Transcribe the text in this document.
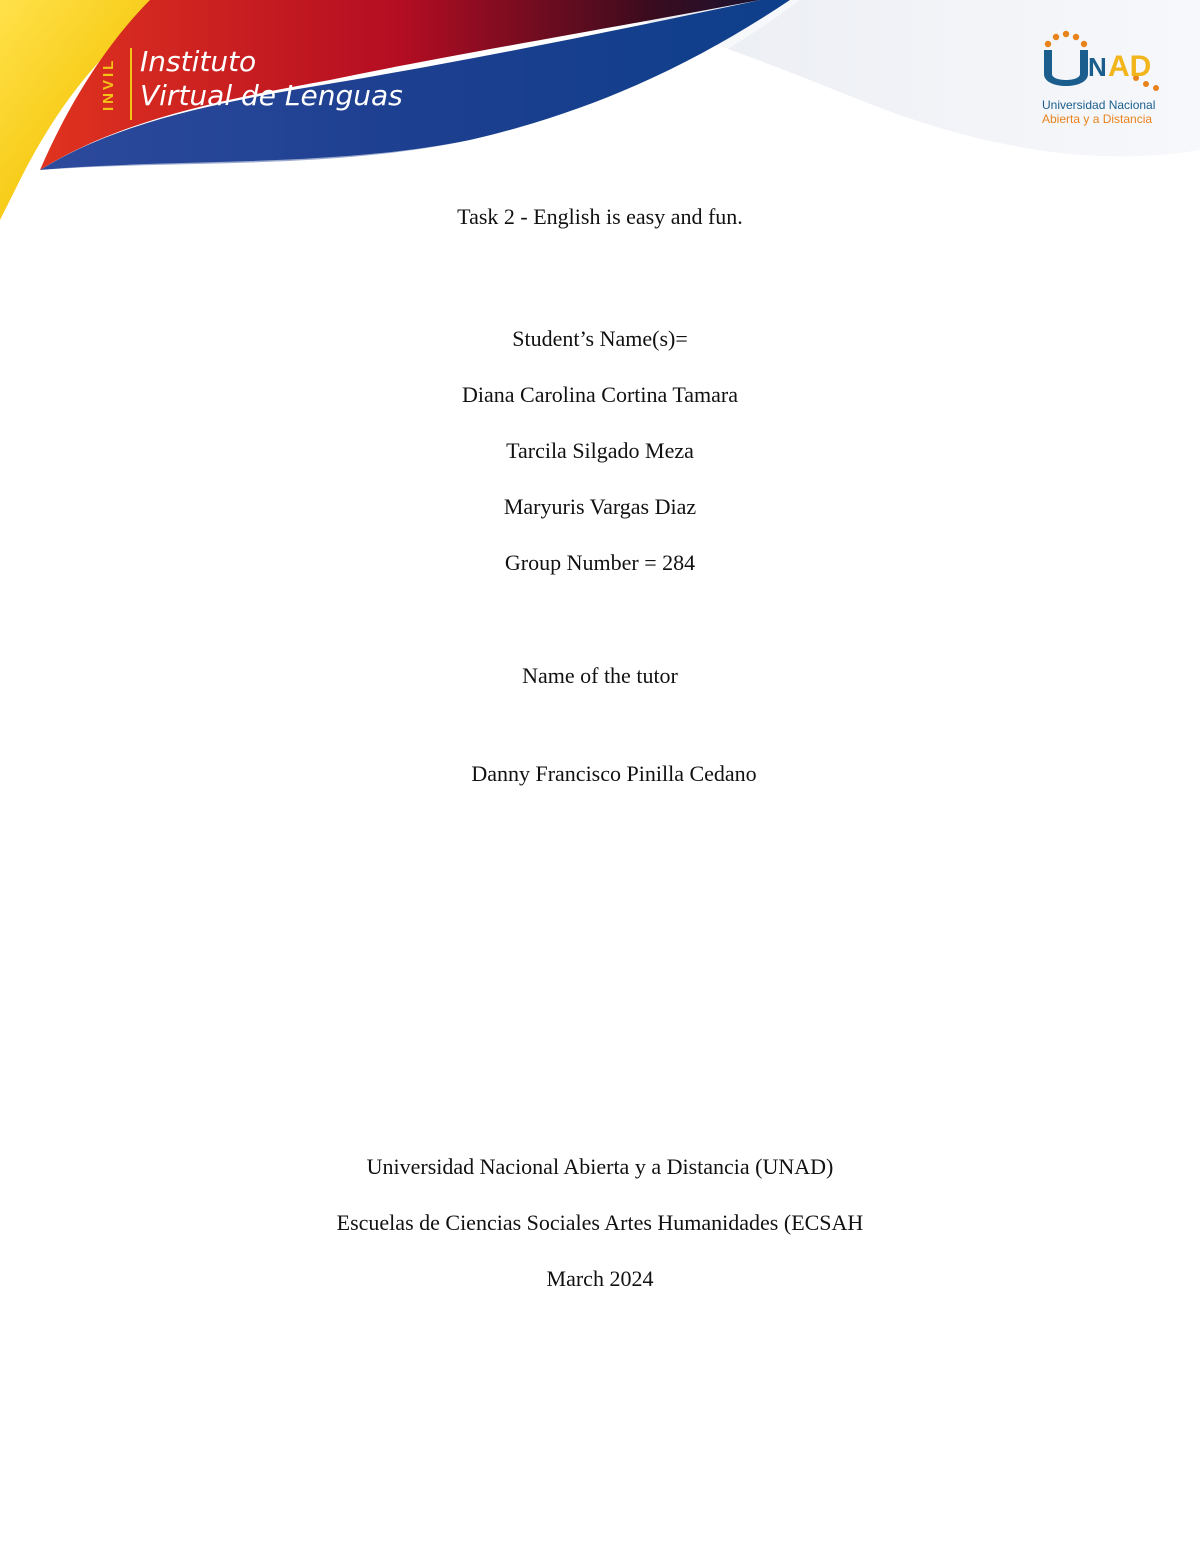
INVIL Instituto
Virtual de Lenguas
N AD
Universidad Nacional
Abierta y a Distancia
Task 2 - English is easy and fun.
Student’s Name(s)=
Diana Carolina Cortina Tamara
Tarcila Silgado Meza
Maryuris Vargas Diaz
Group Number = 284
Name of the tutor
Danny Francisco Pinilla Cedano
Universidad Nacional Abierta y a Distancia (UNAD)
Escuelas de Ciencias Sociales Artes Humanidades (ECSAH
March 2024
